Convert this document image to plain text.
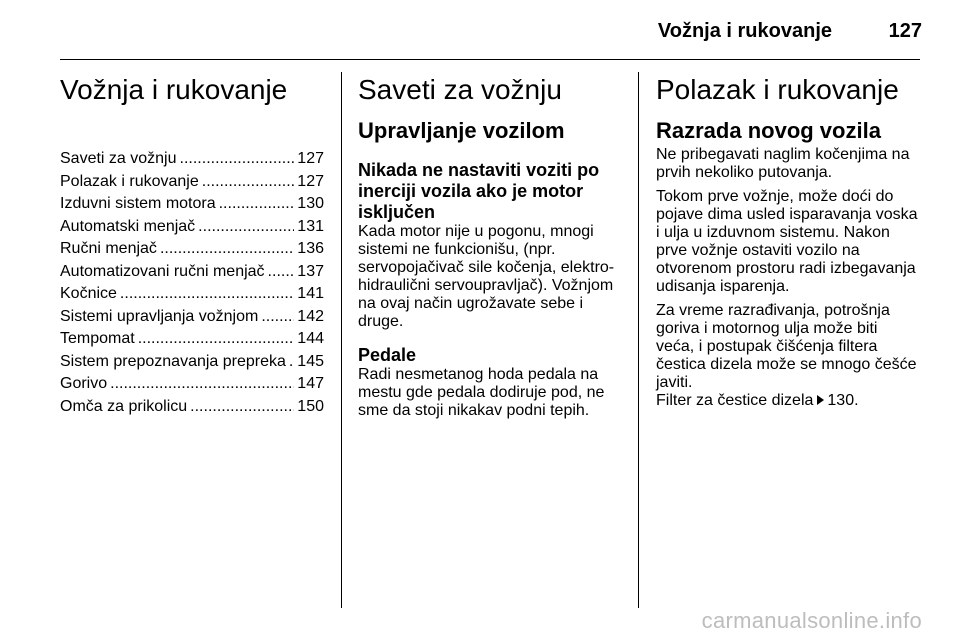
Vožnja i rukovanje	127
Vožnja i rukovanje
Saveti za vožnju .....	127
Polazak i rukovanje .....	127
Izduvni sistem motora .....	130
Automatski menjač .....	131
Ručni menjač .....	136
Automatizovani ručni menjač ..... 137
Kočnice .....	141
Sistemi upravljanja vožnjom ..... 142
Tempomat .....	144
Sistem prepoznavanja prepreka ..... 145
Gorivo .....	147
Omča za prikolicu .....	150
Saveti za vožnju
Upravljanje vozilom
Nikada ne nastaviti voziti po inerciji vozila ako je motor isključen

Kada motor nije u pogonu, mnogi sistemi ne funkcionišu, (npr. servopojačivač sile kočenja, elektro-hidraulični servoupravljač). Vožnjom na ovaj način ugrožavate sebe i druge.

Pedale

Radi nesmetanog hoda pedala na mestu gde pedala dodiruje pod, ne sme da stoji nikakav podni tepih.

Polazak i rukovanje
Razrada novog vozila

Ne pribegavati naglim kočenjima na prvih nekoliko putovanja.

Tokom prve vožnje, može doći do pojave dima usled isparavanja voska i ulja u izduvnom sistemu. Nakon prve vožnje ostaviti vozilo na otvorenom prostoru radi izbegavanja udisanja isparenja.

Za vreme razrađivanja, potrošnja goriva i motornog ulja može biti veća, i postupak čišćenja filtera čestica dizela može se mnogo češće javiti.

Filter za čestice dizela 130.

carmanualsonline.info
